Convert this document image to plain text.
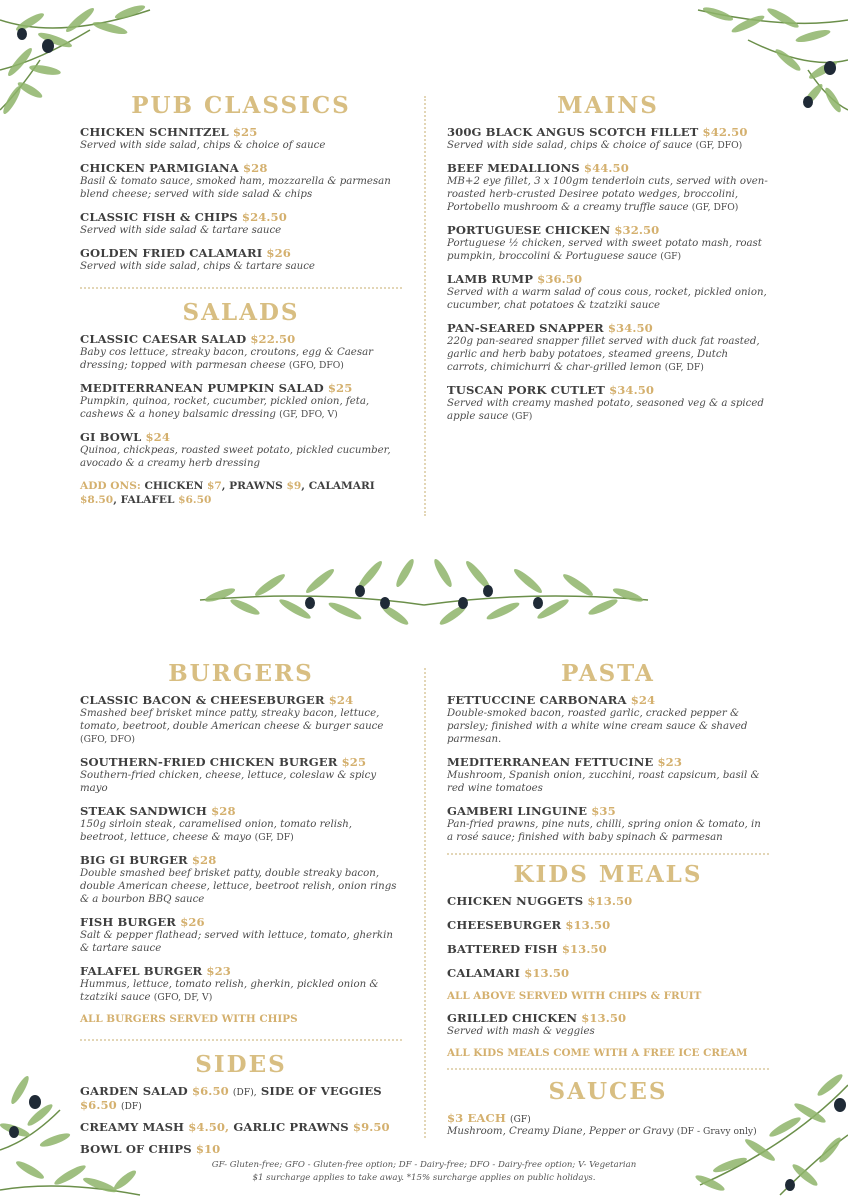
PUB CLASSICS
CHICKEN SCHNITZEL $25
Served with side salad, chips & choice of sauce
CHICKEN PARMIGIANA $28
Basil & tomato sauce, smoked ham, mozzarella & parmesan blend cheese; served with side salad & chips
CLASSIC FISH & CHIPS $24.50
Served with side salad & tartare sauce
GOLDEN FRIED CALAMARI $26
Served with side salad, chips & tartare sauce
SALADS
CLASSIC CAESAR SALAD $22.50
Baby cos lettuce, streaky bacon, croutons, egg & Caesar dressing; topped with parmesan cheese (GFO, DFO)
MEDITERRANEAN PUMPKIN SALAD $25
Pumpkin, quinoa, rocket, cucumber, pickled onion, feta, cashews & a honey balsamic dressing (GF, DFO, V)
GI BOWL $24
Quinoa, chickpeas, roasted sweet potato, pickled cucumber, avocado & a creamy herb dressing
ADD ONS: CHICKEN $7, PRAWNS $9, CALAMARI $8.50, FALAFEL $6.50
MAINS
300G BLACK ANGUS SCOTCH FILLET $42.50
Served with side salad, chips & choice of sauce (GF, DFO)
BEEF MEDALLIONS $44.50
MB+2 eye fillet, 3 x 100gm tenderloin cuts, served with oven-roasted herb-crusted Desiree potato wedges, broccolini, Portobello mushroom & a creamy truffle sauce (GF, DFO)
PORTUGUESE CHICKEN $32.50
Portuguese ½ chicken, served with sweet potato mash, roast pumpkin, broccolini & Portuguese sauce (GF)
LAMB RUMP $36.50
Served with a warm salad of cous cous, rocket, pickled onion, cucumber, chat potatoes & tzatziki sauce
PAN-SEARED SNAPPER $34.50
220g pan-seared snapper fillet served with duck fat roasted, garlic and herb baby potatoes, steamed greens, Dutch carrots, chimichurri & char-grilled lemon (GF, DF)
TUSCAN PORK CUTLET $34.50
Served with creamy mashed potato, seasoned veg & a spiced apple sauce (GF)
BURGERS
CLASSIC BACON & CHEESEBURGER $24
Smashed beef brisket mince patty, streaky bacon, lettuce, tomato, beetroot, double American cheese & burger sauce (GFO, DFO)
SOUTHERN-FRIED CHICKEN BURGER $25
Southern-fried chicken, cheese, lettuce, coleslaw & spicy mayo
STEAK SANDWICH $28
150g sirloin steak, caramelised onion, tomato relish, beetroot, lettuce, cheese & mayo (GF, DF)
BIG GI BURGER $28
Double smashed beef brisket patty, double streaky bacon, double American cheese, lettuce, beetroot relish, onion rings & a bourbon BBQ sauce
FISH BURGER $26
Salt & pepper flathead; served with lettuce, tomato, gherkin & tartare sauce
FALAFEL BURGER $23
Hummus, lettuce, tomato relish, gherkin, pickled onion & tzatziki sauce (GFO, DF, V)
ALL BURGERS SERVED WITH CHIPS
SIDES
GARDEN SALAD $6.50 (DF), SIDE OF VEGGIES $6.50 (DF)
CREAMY MASH $4.50, GARLIC PRAWNS $9.50
BOWL OF CHIPS $10
PASTA
FETTUCCINE CARBONARA $24
Double-smoked bacon, roasted garlic, cracked pepper & parsley; finished with a white wine cream sauce & shaved parmesan.
MEDITERRANEAN FETTUCINE $23
Mushroom, Spanish onion, zucchini, roast capsicum, basil & red wine tomatoes
GAMBERI LINGUINE $35
Pan-fried prawns, pine nuts, chilli, spring onion & tomato, in a rosé sauce; finished with baby spinach & parmesan
KIDS MEALS
CHICKEN NUGGETS $13.50
CHEESEBURGER $13.50
BATTERED FISH $13.50
CALAMARI $13.50
ALL ABOVE SERVED WITH CHIPS & FRUIT
GRILLED CHICKEN $13.50
Served with mash & veggies
ALL KIDS MEALS COME WITH A FREE ICE CREAM
SAUCES
$3 EACH (GF)
Mushroom, Creamy Diane, Pepper or Gravy (DF - Gravy only)
GF- Gluten-free; GFO - Gluten-free option; DF - Dairy-free; DFO - Dairy-free option; V- Vegetarian
$1 surcharge applies to take away. *15% surcharge applies on public holidays.
